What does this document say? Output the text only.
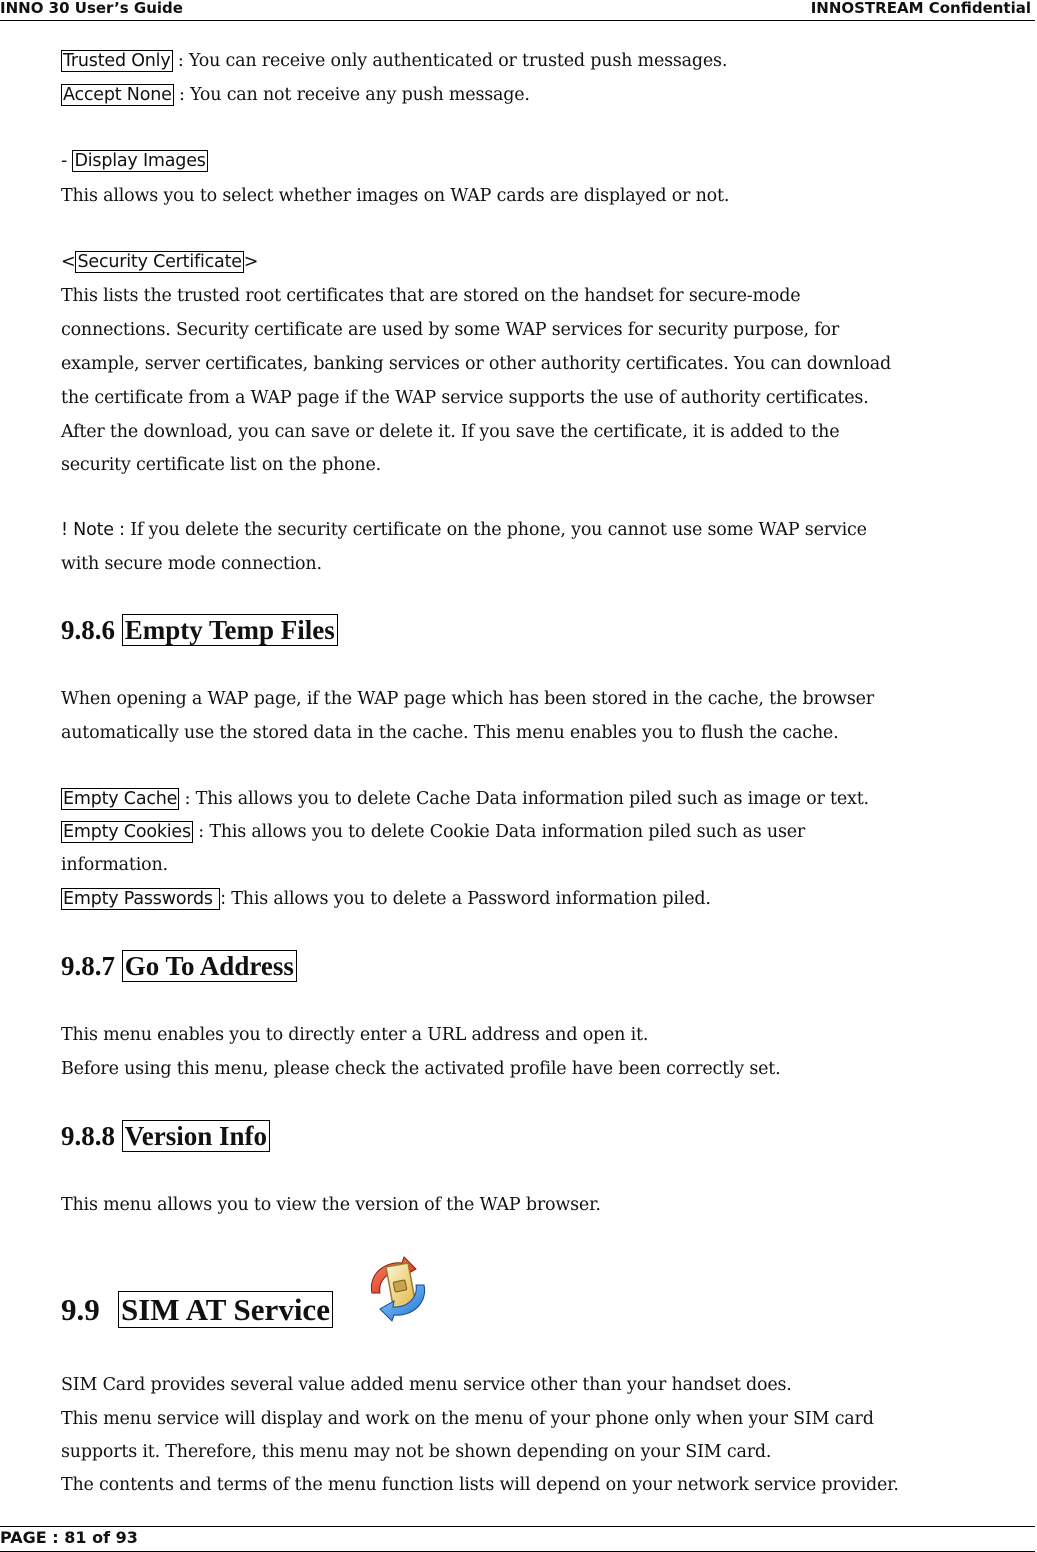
INNO 30 User’s Guide	INNOSTREAM Confidential
Trusted Only : You can receive only authenticated or trusted push messages.
Accept None : You can not receive any push message.
- Display Images
This allows you to select whether images on WAP cards are displayed or not.
< Security Certificate >
This lists the trusted root certificates that are stored on the handset for secure-mode
connections. Security certificate are used by some WAP services for security purpose, for
example, server certificates, banking services or other authority certificates. You can download
the certificate from a WAP page if the WAP service supports the use of authority certificates.
After the download, you can save or delete it. If you save the certificate, it is added to the
security certificate list on the phone.
! Note : If you delete the security certificate on the phone, you cannot use some WAP service
with secure mode connection.
9.8.6 Empty Temp Files
When opening a WAP page, if the WAP page which has been stored in the cache, the browser
automatically use the stored data in the cache. This menu enables you to flush the cache.
Empty Cache : This allows you to delete Cache Data information piled such as image or text.
Empty Cookies : This allows you to delete Cookie Data information piled such as user
information.
Empty Passwords : This allows you to delete a Password information piled.
9.8.7 Go To Address
This menu enables you to directly enter a URL address and open it.
Before using this menu, please check the activated profile have been correctly set.
9.8.8 Version Info
This menu allows you to view the version of the WAP browser.
9.9 SIM AT Service
SIM Card provides several value added menu service other than your handset does.
This menu service will display and work on the menu of your phone only when your SIM card
supports it. Therefore, this menu may not be shown depending on your SIM card.
The contents and terms of the menu function lists will depend on your network service provider.
PAGE : 81 of 93
